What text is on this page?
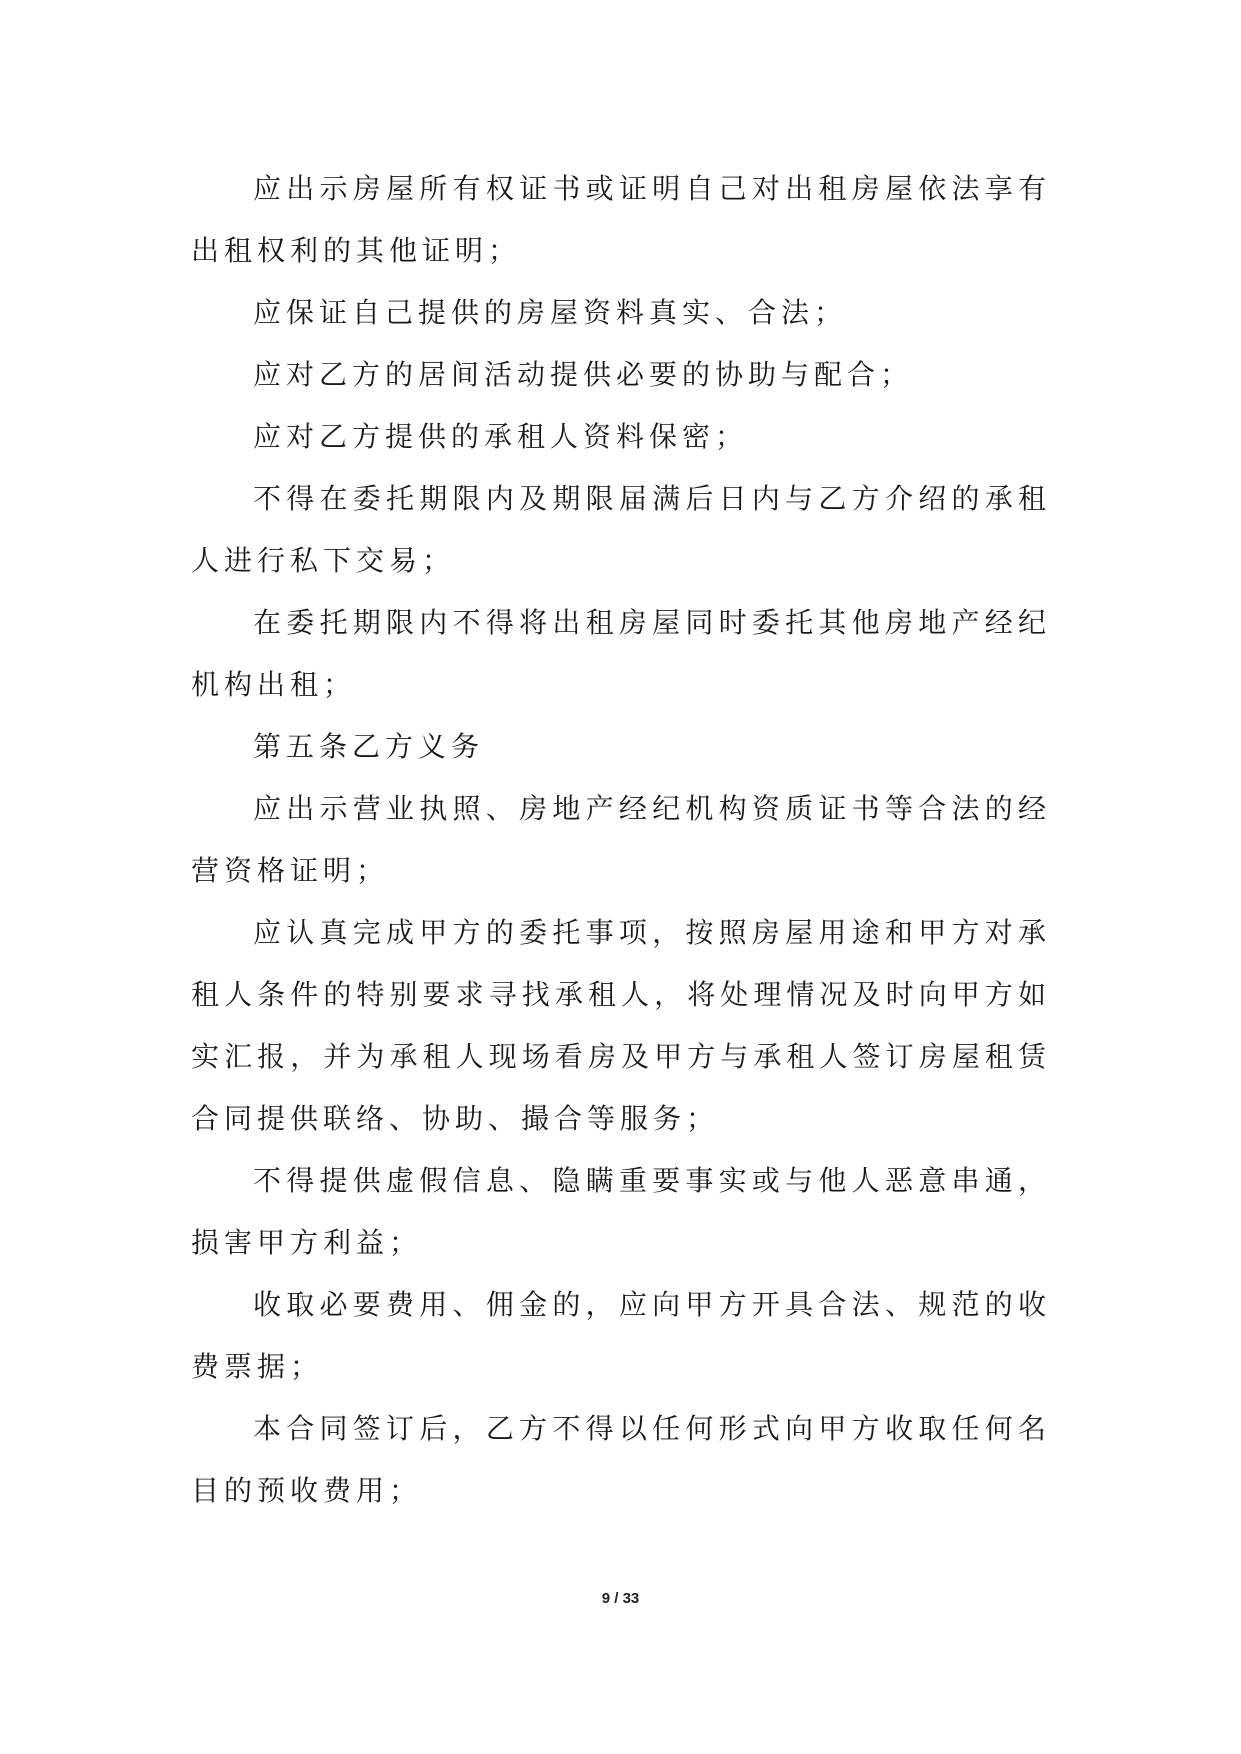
应出示房屋所有权证书或证明自己对出租房屋依法享有出租权利的其他证明；

应保证自己提供的房屋资料真实、合法；

应对乙方的居间活动提供必要的协助与配合；

应对乙方提供的承租人资料保密；

不得在委托期限内及期限届满后日内与乙方介绍的承租人进行私下交易；

在委托期限内不得将出租房屋同时委托其他房地产经纪机构出租；

第五条乙方义务

应出示营业执照、房地产经纪机构资质证书等合法的经营资格证明；

应认真完成甲方的委托事项，按照房屋用途和甲方对承租人条件的特别要求寻找承租人，将处理情况及时向甲方如实汇报，并为承租人现场看房及甲方与承租人签订房屋租赁合同提供联络、协助、撮合等服务；

不得提供虚假信息、隐瞒重要事实或与他人恶意串通，损害甲方利益；

收取必要费用、佣金的，应向甲方开具合法、规范的收费票据；

本合同签订后，乙方不得以任何形式向甲方收取任何名目的预收费用；

9 / 33
